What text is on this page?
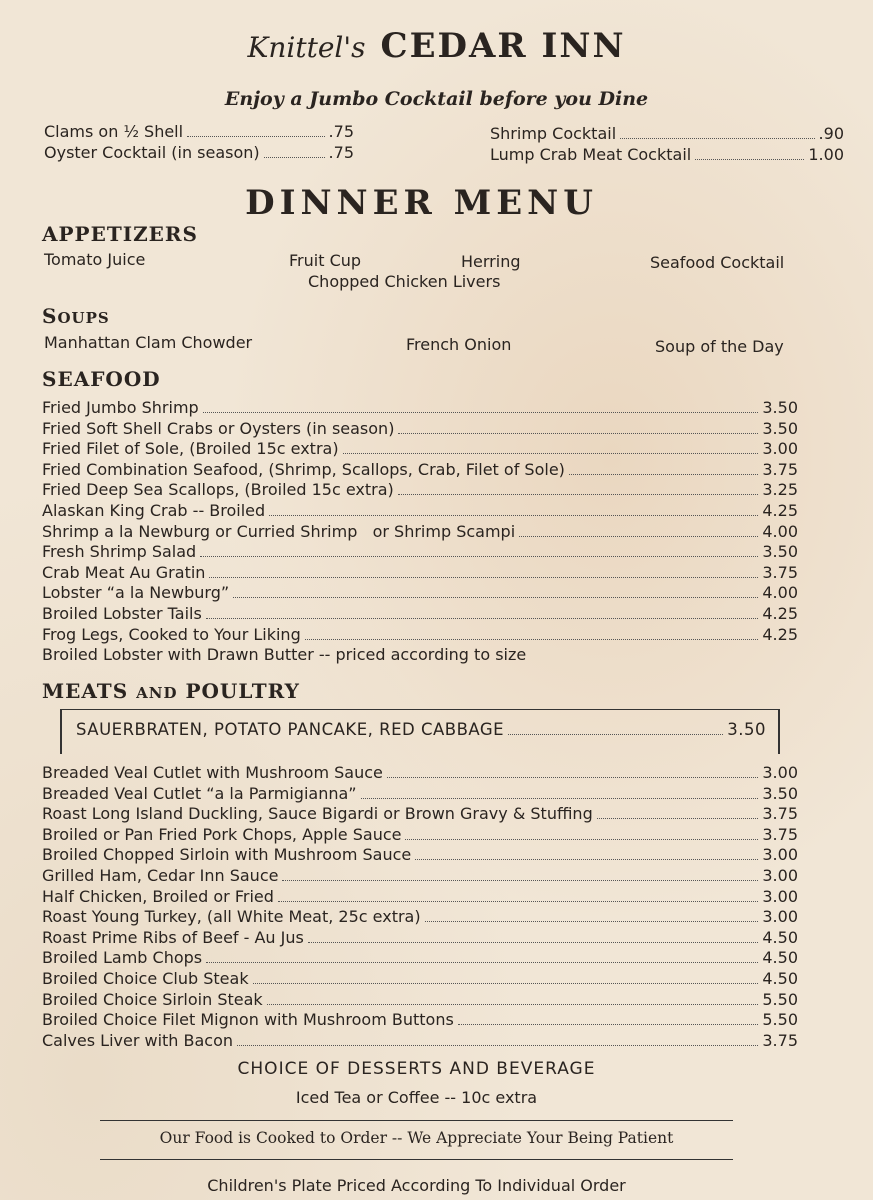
Knittel's CEDAR INN
Enjoy a Jumbo Cocktail before you Dine
Clams on ½ Shell	.75
Oyster Cocktail (in season)	.75
Shrimp Cocktail	.90
Lump Crab Meat Cocktail	1.00
DINNER MENU
APPETIZERS
Tomato Juice	Fruit Cup	Herring	Seafood Cocktail
Chopped Chicken Livers
SOUPS
Manhattan Clam Chowder	French Onion	Soup of the Day
SEAFOOD
Fried Jumbo Shrimp	3.50
Fried Soft Shell Crabs or Oysters (in season)	3.50
Fried Filet of Sole, (Broiled 15c extra)	3.00
Fried Combination Seafood, (Shrimp, Scallops, Crab, Filet of Sole)	3.75
Fried Deep Sea Scallops, (Broiled 15c extra)	3.25
Alaskan King Crab -- Broiled	4.25
Shrimp a la Newburg or Curried Shrimp   or Shrimp Scampi	4.00
Fresh Shrimp Salad	3.50
Crab Meat Au Gratin	3.75
Lobster “a la Newburg”	4.00
Broiled Lobster Tails	4.25
Frog Legs, Cooked to Your Liking	4.25
Broiled Lobster with Drawn Butter -- priced according to size
MEATS AND POULTRY
SAUERBRATEN, POTATO PANCAKE, RED CABBAGE	3.50
Breaded Veal Cutlet with Mushroom Sauce	3.00
Breaded Veal Cutlet “a la Parmigianna”	3.50
Roast Long Island Duckling, Sauce Bigardi or Brown Gravy & Stuffing	3.75
Broiled or Pan Fried Pork Chops, Apple Sauce	3.75
Broiled Chopped Sirloin with Mushroom Sauce	3.00
Grilled Ham, Cedar Inn Sauce	3.00
Half Chicken, Broiled or Fried	3.00
Roast Young Turkey, (all White Meat, 25c extra)	3.00
Roast Prime Ribs of Beef - Au Jus	4.50
Broiled Lamb Chops	4.50
Broiled Choice Club Steak	4.50
Broiled Choice Sirloin Steak	5.50
Broiled Choice Filet Mignon with Mushroom Buttons	5.50
Calves Liver with Bacon	3.75
CHOICE OF DESSERTS AND BEVERAGE
Iced Tea or Coffee -- 10c extra
Our Food is Cooked to Order -- We Appreciate Your Being Patient
Children's Plate Priced According To Individual Order
